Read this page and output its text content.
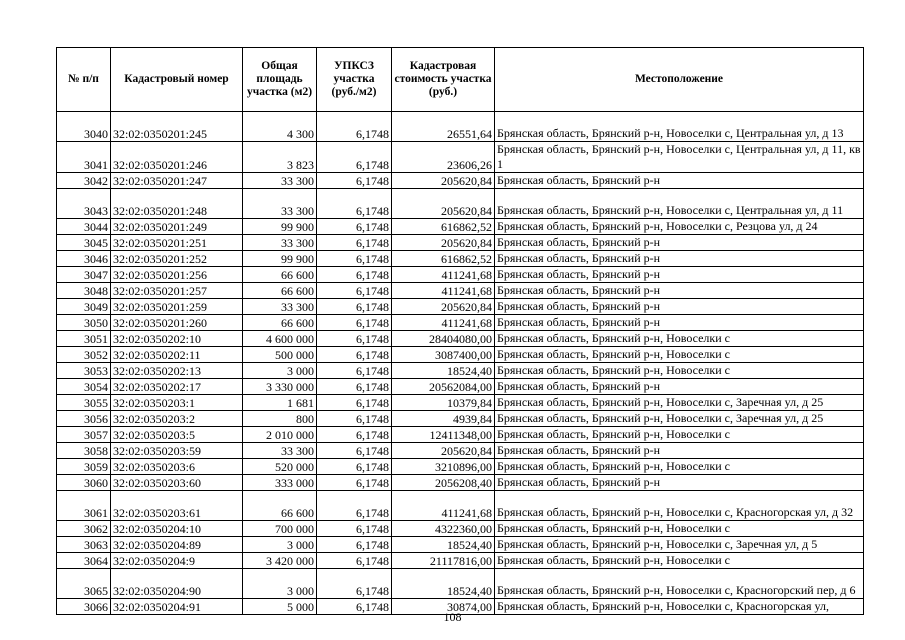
№ п/п	Кадастровый номер	Общая площадь участка (м2)	УПКСЗ участка (руб./м2)	Кадастровая стоимость участка (руб.)	Местоположение
3040	32:02:0350201:245	4 300	6,1748	26551,64	Брянская область, Брянский р-н, Новоселки с, Центральная ул, д 13
3041	32:02:0350201:246	3 823	6,1748	23606,26	Брянская область, Брянский р-н, Новоселки с, Центральная ул, д 11, кв 1
3042	32:02:0350201:247	33 300	6,1748	205620,84	Брянская область, Брянский р-н
3043	32:02:0350201:248	33 300	6,1748	205620,84	Брянская область, Брянский р-н, Новоселки с, Центральная ул, д 11
3044	32:02:0350201:249	99 900	6,1748	616862,52	Брянская область, Брянский р-н, Новоселки с, Резцова ул, д 24
3045	32:02:0350201:251	33 300	6,1748	205620,84	Брянская область, Брянский р-н
3046	32:02:0350201:252	99 900	6,1748	616862,52	Брянская область, Брянский р-н
3047	32:02:0350201:256	66 600	6,1748	411241,68	Брянская область, Брянский р-н
3048	32:02:0350201:257	66 600	6,1748	411241,68	Брянская область, Брянский р-н
3049	32:02:0350201:259	33 300	6,1748	205620,84	Брянская область, Брянский р-н
3050	32:02:0350201:260	66 600	6,1748	411241,68	Брянская область, Брянский р-н
3051	32:02:0350202:10	4 600 000	6,1748	28404080,00	Брянская область, Брянский р-н, Новоселки с
3052	32:02:0350202:11	500 000	6,1748	3087400,00	Брянская область, Брянский р-н, Новоселки с
3053	32:02:0350202:13	3 000	6,1748	18524,40	Брянская область, Брянский р-н, Новоселки с
3054	32:02:0350202:17	3 330 000	6,1748	20562084,00	Брянская область, Брянский р-н
3055	32:02:0350203:1	1 681	6,1748	10379,84	Брянская область, Брянский р-н, Новоселки с, Заречная ул, д 25
3056	32:02:0350203:2	800	6,1748	4939,84	Брянская область, Брянский р-н, Новоселки с, Заречная ул, д 25
3057	32:02:0350203:5	2 010 000	6,1748	12411348,00	Брянская область, Брянский р-н, Новоселки с
3058	32:02:0350203:59	33 300	6,1748	205620,84	Брянская область, Брянский р-н
3059	32:02:0350203:6	520 000	6,1748	3210896,00	Брянская область, Брянский р-н, Новоселки с
3060	32:02:0350203:60	333 000	6,1748	2056208,40	Брянская область, Брянский р-н
3061	32:02:0350203:61	66 600	6,1748	411241,68	Брянская область, Брянский р-н, Новоселки с, Красногорская ул, д 32
3062	32:02:0350204:10	700 000	6,1748	4322360,00	Брянская область, Брянский р-н, Новоселки с
3063	32:02:0350204:89	3 000	6,1748	18524,40	Брянская область, Брянский р-н, Новоселки с, Заречная ул, д 5
3064	32:02:0350204:9	3 420 000	6,1748	21117816,00	Брянская область, Брянский р-н, Новоселки с
3065	32:02:0350204:90	3 000	6,1748	18524,40	Брянская область, Брянский р-н, Новоселки с, Красногорский пер, д 6
3066	32:02:0350204:91	5 000	6,1748	30874,00	Брянская область, Брянский р-н, Новоселки с, Красногорская ул,
108
